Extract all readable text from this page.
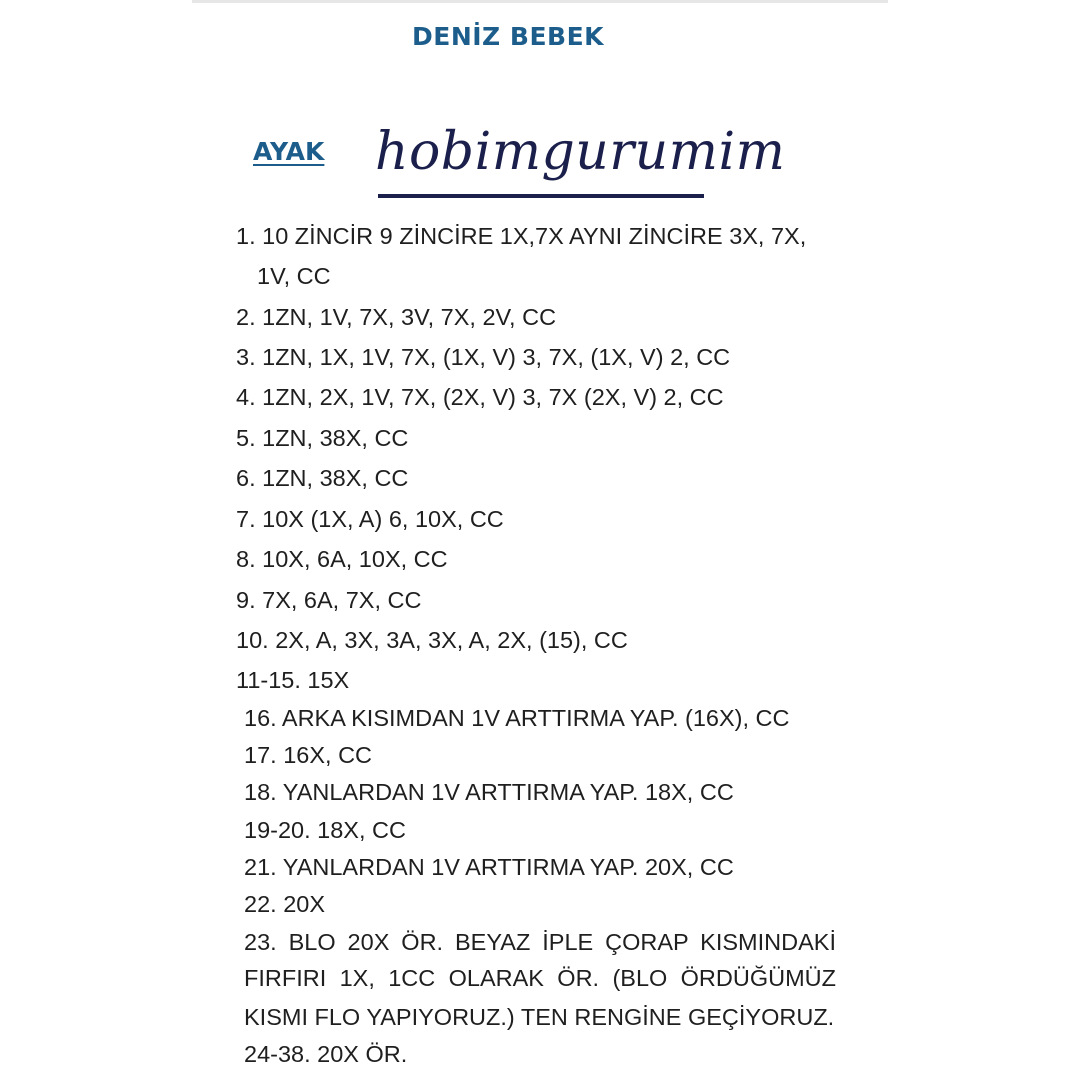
DENİZ BEBEK
AYAK hobimgurumim
1. 10 ZİNCİR 9 ZİNCİRE 1X,7X AYNI ZİNCİRE 3X, 7X,
1V, CC
2. 1ZN, 1V, 7X, 3V, 7X, 2V, CC
3. 1ZN, 1X, 1V, 7X, (1X, V) 3, 7X, (1X, V) 2, CC
4. 1ZN, 2X, 1V, 7X, (2X, V) 3, 7X (2X, V) 2, CC
5. 1ZN, 38X, CC
6. 1ZN, 38X, CC
7. 10X (1X, A) 6, 10X, CC
8. 10X, 6A, 10X, CC
9. 7X, 6A, 7X, CC
10. 2X, A, 3X, 3A, 3X, A, 2X, (15), CC
11-15. 15X
16. ARKA KISIMDAN 1V ARTTIRMA YAP. (16X), CC
17. 16X, CC
18. YANLARDAN 1V ARTTIRMA YAP. 18X, CC
19-20. 18X, CC
21. YANLARDAN 1V ARTTIRMA YAP. 20X, CC
22. 20X
23. BLO 20X ÖR. BEYAZ İPLE ÇORAP KISMINDAKİ
FIRFIRI 1X, 1CC OLARAK ÖR. (BLO ÖRDÜĞÜMÜZ
KISMI FLO YAPIYORUZ.) TEN RENGİNE GEÇİYORUZ.
24-38. 20X ÖR.
